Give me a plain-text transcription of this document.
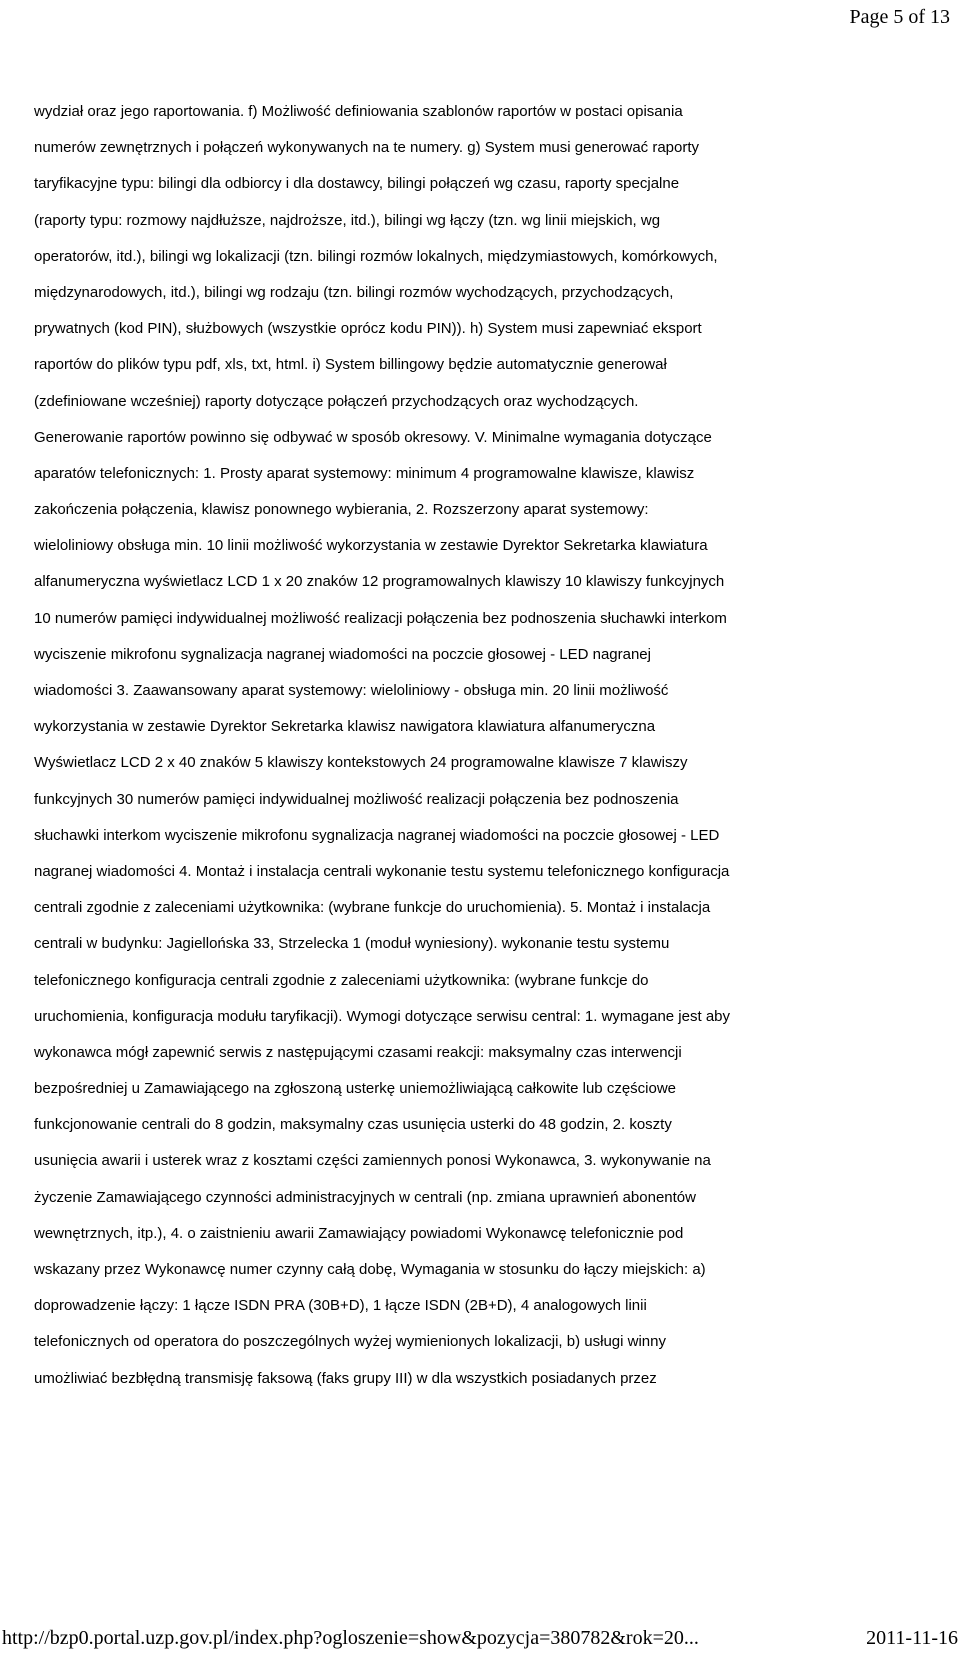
Page 5 of 13
wydział oraz jego raportowania. f) Możliwość definiowania szablonów raportów w postaci opisania
numerów zewnętrznych i połączeń wykonywanych na te numery. g) System musi generować raporty
taryfikacyjne typu: bilingi dla odbiorcy i dla dostawcy, bilingi połączeń wg czasu, raporty specjalne
(raporty typu: rozmowy najdłuższe, najdroższe, itd.), bilingi wg łączy (tzn. wg linii miejskich, wg
operatorów, itd.), bilingi wg lokalizacji (tzn. bilingi rozmów lokalnych, międzymiastowych, komórkowych,
międzynarodowych, itd.), bilingi wg rodzaju (tzn. bilingi rozmów wychodzących, przychodzących,
prywatnych (kod PIN), służbowych (wszystkie oprócz kodu PIN)). h) System musi zapewniać eksport
raportów do plików typu pdf, xls, txt, html. i) System billingowy będzie automatycznie generował
(zdefiniowane wcześniej) raporty dotyczące połączeń przychodzących oraz wychodzących.
Generowanie raportów powinno się odbywać w sposób okresowy. V. Minimalne wymagania dotyczące
aparatów telefonicznych: 1. Prosty aparat systemowy: minimum 4 programowalne klawisze, klawisz
zakończenia połączenia, klawisz ponownego wybierania, 2. Rozszerzony aparat systemowy:
wieloliniowy obsługa min. 10 linii możliwość wykorzystania w zestawie Dyrektor Sekretarka klawiatura
alfanumeryczna wyświetlacz LCD 1 x 20 znaków 12 programowalnych klawiszy 10 klawiszy funkcyjnych
10 numerów pamięci indywidualnej możliwość realizacji połączenia bez podnoszenia słuchawki interkom
wyciszenie mikrofonu sygnalizacja nagranej wiadomości na poczcie głosowej - LED nagranej
wiadomości 3. Zaawansowany aparat systemowy: wieloliniowy - obsługa min. 20 linii możliwość
wykorzystania w zestawie Dyrektor Sekretarka klawisz nawigatora klawiatura alfanumeryczna
Wyświetlacz LCD 2 x 40 znaków 5 klawiszy kontekstowych 24 programowalne klawisze 7 klawiszy
funkcyjnych 30 numerów pamięci indywidualnej możliwość realizacji połączenia bez podnoszenia
słuchawki interkom wyciszenie mikrofonu sygnalizacja nagranej wiadomości na poczcie głosowej - LED
nagranej wiadomości 4. Montaż i instalacja centrali wykonanie testu systemu telefonicznego konfiguracja
centrali zgodnie z zaleceniami użytkownika: (wybrane funkcje do uruchomienia). 5. Montaż i instalacja
centrali w budynku: Jagiellońska 33, Strzelecka 1 (moduł wyniesiony). wykonanie testu systemu
telefonicznego konfiguracja centrali zgodnie z zaleceniami użytkownika: (wybrane funkcje do
uruchomienia, konfiguracja modułu taryfikacji). Wymogi dotyczące serwisu central: 1. wymagane jest aby
wykonawca mógł zapewnić serwis z następującymi czasami reakcji: maksymalny czas interwencji
bezpośredniej u Zamawiającego na zgłoszoną usterkę uniemożliwiającą całkowite lub częściowe
funkcjonowanie centrali do 8 godzin, maksymalny czas usunięcia usterki do 48 godzin, 2. koszty
usunięcia awarii i usterek wraz z kosztami części zamiennych ponosi Wykonawca, 3. wykonywanie na
życzenie Zamawiającego czynności administracyjnych w centrali (np. zmiana uprawnień abonentów
wewnętrznych, itp.), 4. o zaistnieniu awarii Zamawiający powiadomi Wykonawcę telefonicznie pod
wskazany przez Wykonawcę numer czynny całą dobę, Wymagania w stosunku do łączy miejskich: a)
doprowadzenie łączy: 1 łącze ISDN PRA (30B+D), 1 łącze ISDN (2B+D), 4 analogowych linii
telefonicznych od operatora do poszczególnych wyżej wymienionych lokalizacji, b) usługi winny
umożliwiać bezbłędną transmisję faksową (faks grupy III) w dla wszystkich posiadanych przez
http://bzp0.portal.uzp.gov.pl/index.php?ogloszenie=show&pozycja=380782&rok=20...	2011-11-16
